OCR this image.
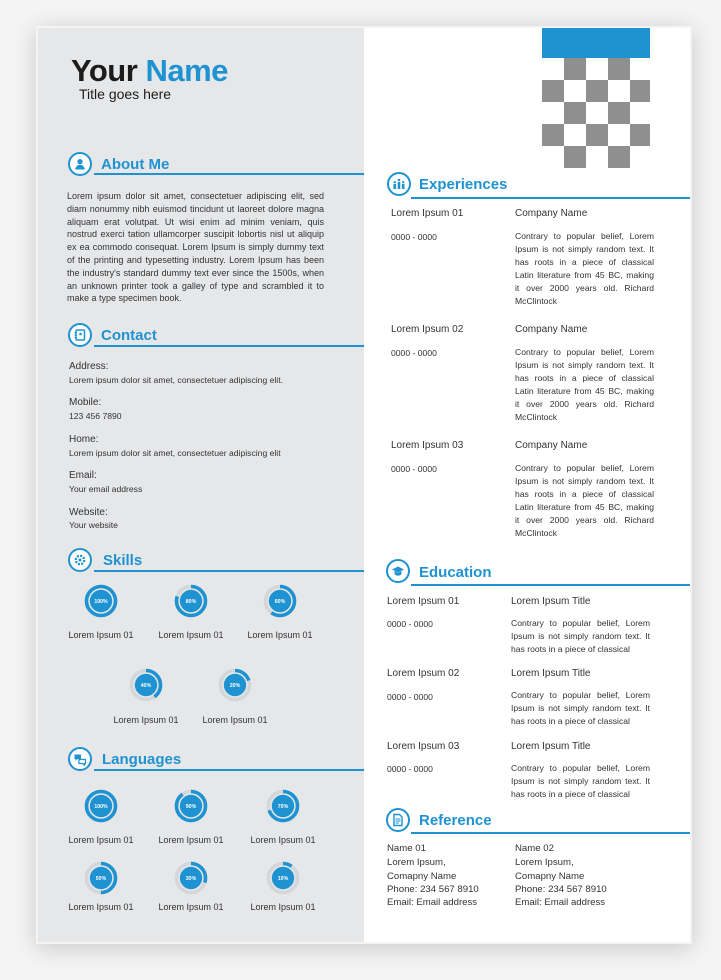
Your Name
Title goes here
About Me
Lorem ipsum dolor sit amet, consectetuer adipiscing elit, sed diam nonummy nibh euismod tincidunt ut laoreet dolore magna aliquam erat volutpat. Ut wisi enim ad minim veniam, quis nostrud exerci tation ullamcorper suscipit lobortis nisl ut aliquip ex ea commodo consequat. Lorem Ipsum is simply dummy text of the printing and typesetting industry. Lorem Ipsum has been the industry's standard dummy text ever since the 1500s, when an unknown printer took a galley of type and scrambled it to make a type specimen book.
Contact
Address:
Lorem ipsum dolor sit amet, consectetuer adipiscing elit.
Mobile:
123 456 7890
Home:
Lorem ipsum dolor sit amet, consectetuer adipiscing elit
Email:
Your email address
Website:
Your website
Skills
100%	80%	60%
Lorem Ipsum 01	Lorem Ipsum 01	Lorem Ipsum 01
40%	20%
Lorem Ipsum 01	Lorem Ipsum 01
Languages
100%	90%	70%
Lorem Ipsum 01	Lorem Ipsum 01	Lorem Ipsum 01
50%	30%	10%
Lorem Ipsum 01	Lorem Ipsum 01	Lorem Ipsum 01
Experiences
Lorem Ipsum 01	Company Name
0000 - 0000	Contrary to popular belief, Lorem Ipsum is not simply random text. It has roots in a piece of classical Latin literature from 45 BC, making it over 2000 years old. Richard McClintock
Lorem Ipsum 02	Company Name
0000 - 0000	Contrary to popular belief, Lorem Ipsum is not simply random text. It has roots in a piece of classical Latin literature from 45 BC, making it over 2000 years old. Richard McClintock
Lorem Ipsum 03	Company Name
0000 - 0000	Contrary to popular belief, Lorem Ipsum is not simply random text. It has roots in a piece of classical Latin literature from 45 BC, making it over 2000 years old. Richard McClintock
Education
Lorem Ipsum 01	Lorem Ipsum Title
0000 - 0000	Contrary to popular belief, Lorem Ipsum is not simply random text. It has roots in a piece of classical
Lorem Ipsum 02	Lorem Ipsum Title
0000 - 0000	Contrary to popular belief, Lorem Ipsum is not simply random text. It has roots in a piece of classical
Lorem Ipsum 03	Lorem Ipsum Title
0000 - 0000	Contrary to popular belief, Lorem Ipsum is not simply random text. It has roots in a piece of classical
Reference
Name 01
Lorem Ipsum,
Comapny Name
Phone: 234 567 8910
Email: Email address
Name 02
Lorem Ipsum,
Comapny Name
Phone: 234 567 8910
Email: Email address
